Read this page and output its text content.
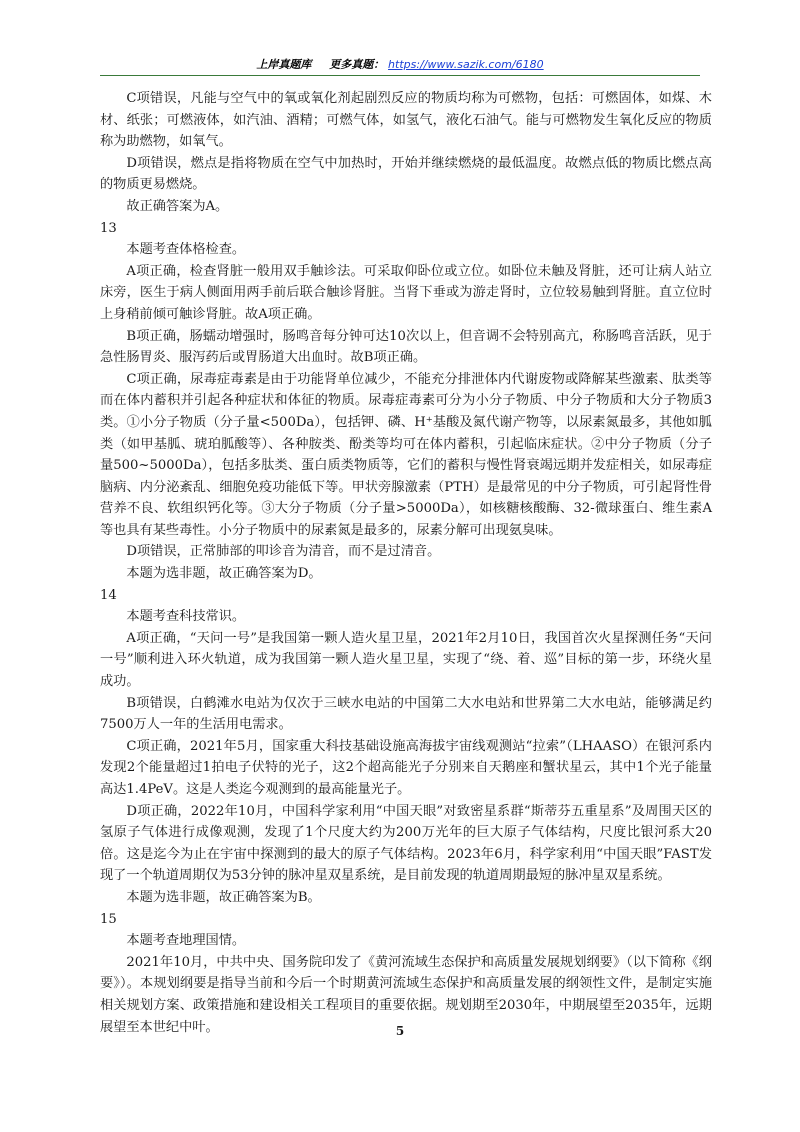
上岸真题库 更多真题： https://www.sazik.com/6180

C项错误，凡能与空气中的氧或氧化剂起剧烈反应的物质均称为可燃物，包括：可燃固体，如煤、木材、纸张；可燃液体，如汽油、酒精；可燃气体，如氢气，液化石油气。能与可燃物发生氧化反应的物质称为助燃物，如氧气。

D项错误，燃点是指将物质在空气中加热时，开始并继续燃烧的最低温度。故燃点低的物质比燃点高的物质更易燃烧。

故正确答案为A。

13

本题考查体格检查。

A项正确，检查肾脏一般用双手触诊法。可采取仰卧位或立位。如卧位未触及肾脏，还可让病人站立床旁，医生于病人侧面用两手前后联合触诊肾脏。当肾下垂或为游走肾时，立位较易触到肾脏。直立位时上身稍前倾可触诊肾脏。故A项正确。

B项正确，肠蠕动增强时，肠鸣音每分钟可达10次以上，但音调不会特别高亢，称肠鸣音活跃，见于急性肠胃炎、服泻药后或胃肠道大出血时。故B项正确。

C项正确，尿毒症毒素是由于功能肾单位减少，不能充分排泄体内代谢废物或降解某些激素、肽类等而在体内蓄积并引起各种症状和体征的物质。尿毒症毒素可分为小分子物质、中分子物质和大分子物质3类。①小分子物质（分子量<500Da），包括钾、磷、H⁺基酸及氮代谢产物等，以尿素氮最多，其他如胍类（如甲基胍、琥珀胍酸等）、各种胺类、酚类等均可在体内蓄积，引起临床症状。②中分子物质（分子量500~5000Da），包括多肽类、蛋白质类物质等，它们的蓄积与慢性肾衰竭远期并发症相关，如尿毒症脑病、内分泌紊乱、细胞免疫功能低下等。甲状旁腺激素（PTH）是最常见的中分子物质，可引起肾性骨营养不良、软组织钙化等。③大分子物质（分子量>5000Da），如核糖核酸酶、32-微球蛋白、维生素A等也具有某些毒性。小分子物质中的尿素氮是最多的，尿素分解可出现氨臭味。

D项错误，正常肺部的叩诊音为清音，而不是过清音。

本题为选非题，故正确答案为D。

14

本题考查科技常识。

A项正确，“天问一号”是我国第一颗人造火星卫星，2021年2月10日，我国首次火星探测任务“天问一号”顺利进入环火轨道，成为我国第一颗人造火星卫星，实现了“绕、着、巡”目标的第一步，环绕火星成功。

B项错误，白鹤滩水电站为仅次于三峡水电站的中国第二大水电站和世界第二大水电站，能够满足约7500万人一年的生活用电需求。

C项正确，2021年5月，国家重大科技基础设施高海拔宇宙线观测站“拉索”（LHAASO）在银河系内发现2个能量超过1拍电子伏特的光子，这2个超高能光子分别来自天鹅座和蟹状星云，其中1个光子能量高达1.4PeV。这是人类迄今观测到的最高能量光子。

D项正确，2022年10月，中国科学家利用“中国天眼”对致密星系群“斯蒂芬五重星系”及周围天区的氢原子气体进行成像观测，发现了1个尺度大约为200万光年的巨大原子气体结构，尺度比银河系大20倍。这是迄今为止在宇宙中探测到的最大的原子气体结构。2023年6月，科学家利用“中国天眼”FAST发现了一个轨道周期仅为53分钟的脉冲星双星系统，是目前发现的轨道周期最短的脉冲星双星系统。

本题为选非题，故正确答案为B。

15

本题考查地理国情。

2021年10月，中共中央、国务院印发了《黄河流域生态保护和高质量发展规划纲要》（以下简称《纲要》）。本规划纲要是指导当前和今后一个时期黄河流域生态保护和高质量发展的纲领性文件，是制定实施相关规划方案、政策措施和建设相关工程项目的重要依据。规划期至2030年，中期展望至2035年，远期展望至本世纪中叶。	5
